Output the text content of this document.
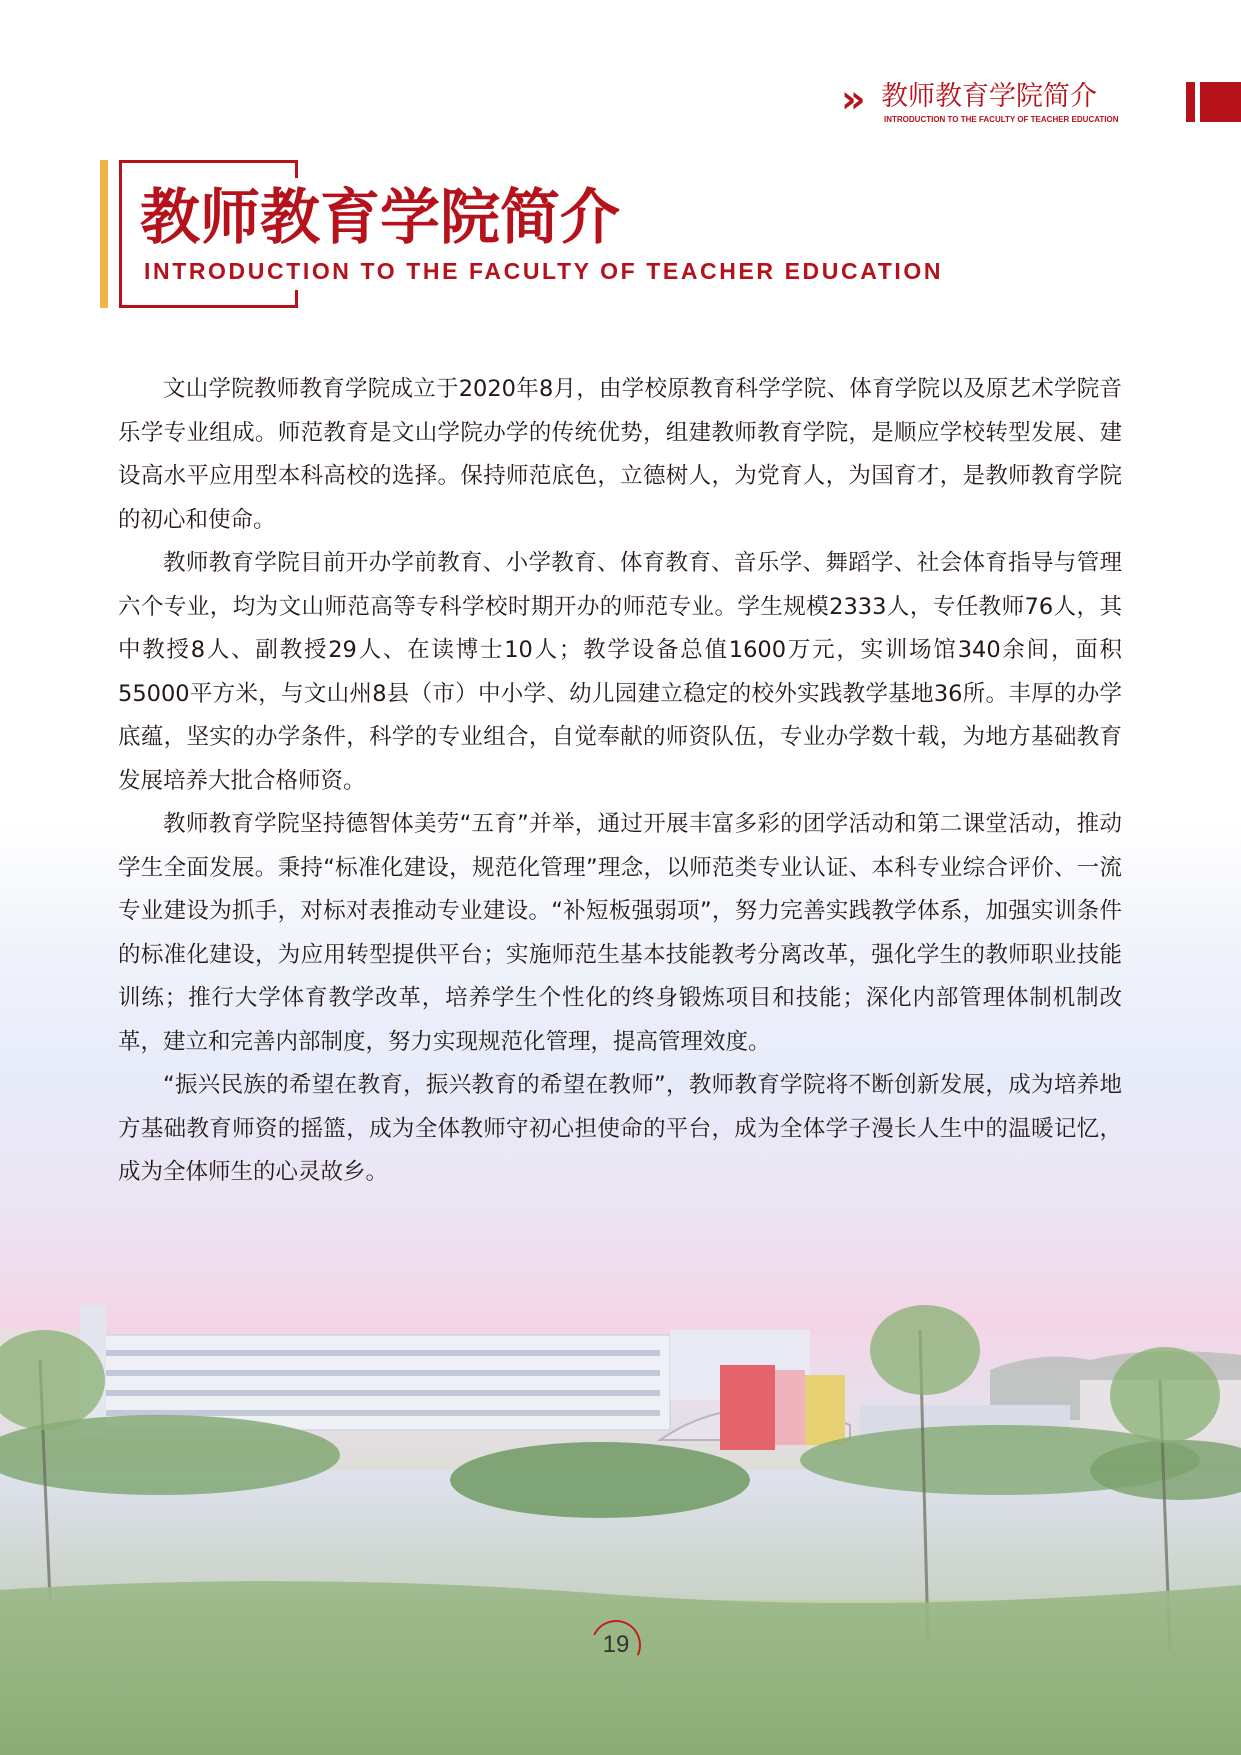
» 教师教育学院简介
INTRODUCTION TO THE FACULTY OF TEACHER EDUCATION
教师教育学院简介
INTRODUCTION TO THE FACULTY OF TEACHER EDUCATION

文山学院教师教育学院成立于2020年8月，由学校原教育科学学院、体育学院以及原艺术学院音乐学专业组成。师范教育是文山学院办学的传统优势，组建教师教育学院，是顺应学校转型发展、建设高水平应用型本科高校的选择。保持师范底色，立德树人，为党育人，为国育才，是教师教育学院的初心和使命。

教师教育学院目前开办学前教育、小学教育、体育教育、音乐学、舞蹈学、社会体育指导与管理六个专业，均为文山师范高等专科学校时期开办的师范专业。学生规模2333人，专任教师76人，其中教授8人、副教授29人、在读博士10人；教学设备总值1600万元，实训场馆340余间，面积55000平方米，与文山州8县（市）中小学、幼儿园建立稳定的校外实践教学基地36所。丰厚的办学底蕴，坚实的办学条件，科学的专业组合，自觉奉献的师资队伍，专业办学数十载，为地方基础教育发展培养大批合格师资。

教师教育学院坚持德智体美劳“五育”并举，通过开展丰富多彩的团学活动和第二课堂活动，推动学生全面发展。秉持“标准化建设，规范化管理”理念，以师范类专业认证、本科专业综合评价、一流专业建设为抓手，对标对表推动专业建设。“补短板强弱项”，努力完善实践教学体系，加强实训条件的标准化建设，为应用转型提供平台；实施师范生基本技能教考分离改革，强化学生的教师职业技能训练；推行大学体育教学改革，培养学生个性化的终身锻炼项目和技能；深化内部管理体制机制改革，建立和完善内部制度，努力实现规范化管理，提高管理效度。

“振兴民族的希望在教育，振兴教育的希望在教师”，教师教育学院将不断创新发展，成为培养地方基础教育师资的摇篮，成为全体教师守初心担使命的平台，成为全体学子漫长人生中的温暖记忆，成为全体师生的心灵故乡。

19
